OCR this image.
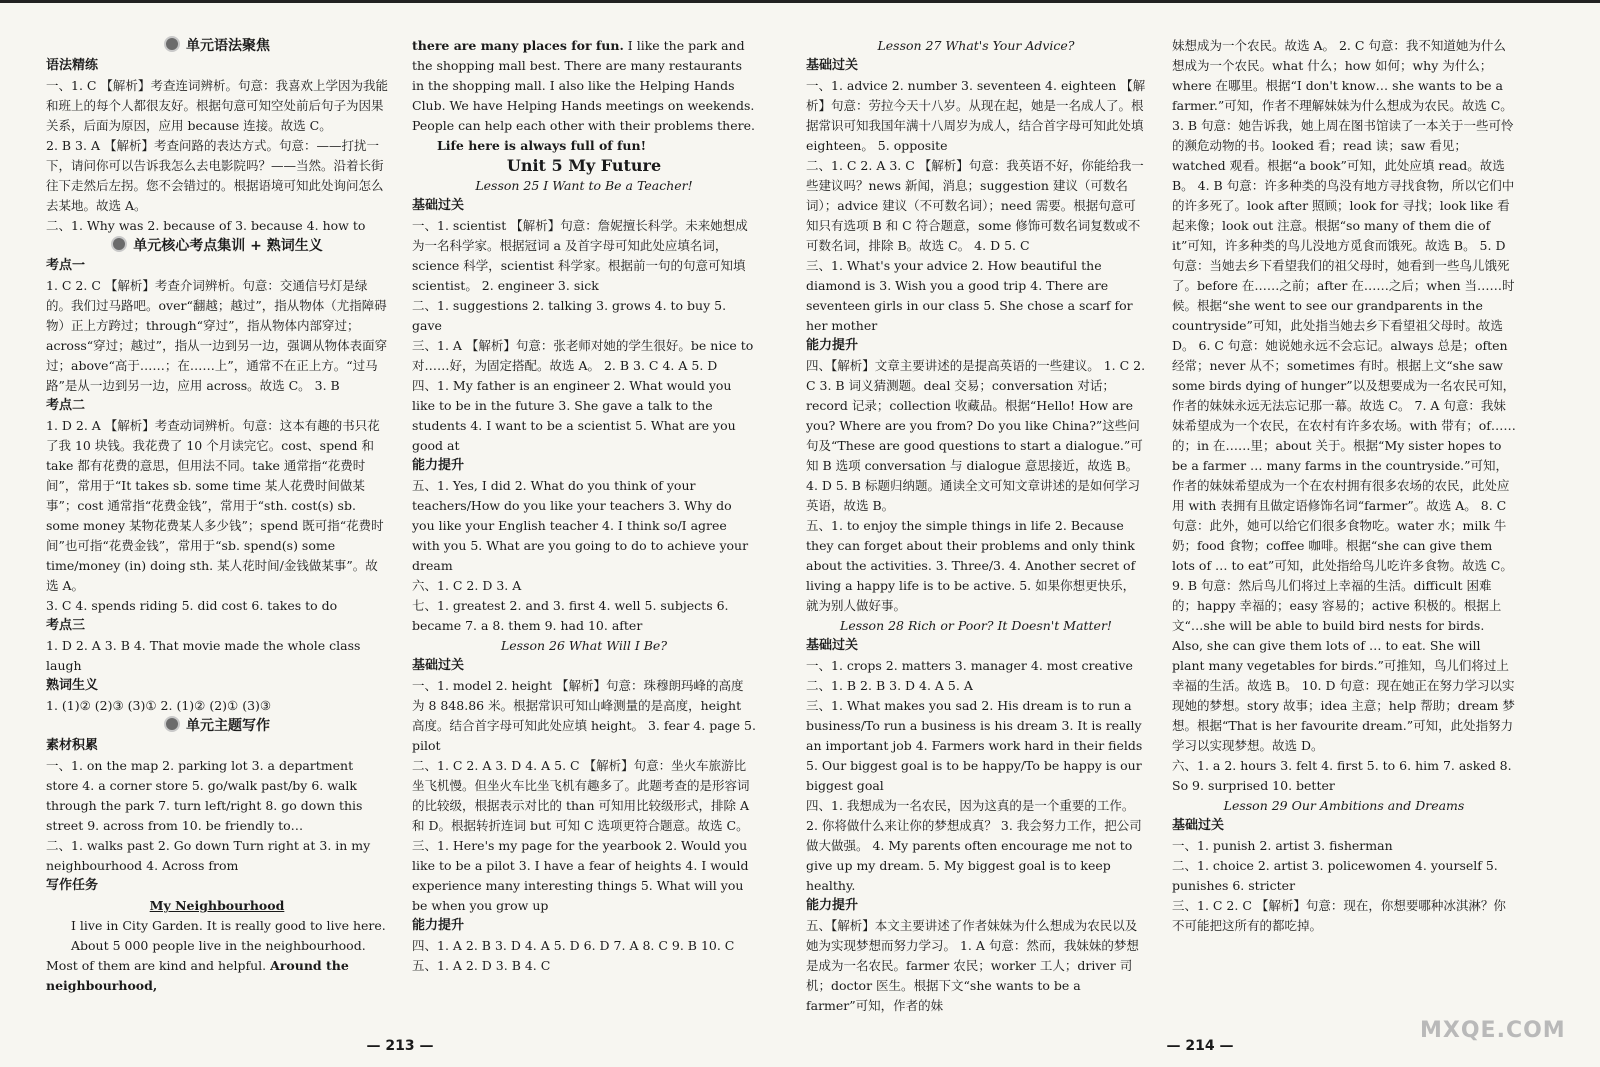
单元语法聚焦

语法精练

一、1. C 【解析】考查连词辨析。句意：我喜欢上学因为我能和班上的每个人都很友好。根据句意可知空处前后句子为因果关系，后面为原因，应用 because 连接。故选 C。

2. B 3. A 【解析】考查问路的表达方式。句意：——打扰一下，请问你可以告诉我怎么去电影院吗？——当然。沿着长街往下走然后左拐。您不会错过的。根据语境可知此处询问怎么去某地。故选 A。

二、1. Why was 2. because of 3. because 4. how to

单元核心考点集训 + 熟词生义

考点一

1. C 2. C 【解析】考查介词辨析。句意：交通信号灯是绿的。我们过马路吧。over“翻越；越过”，指从物体（尤指障碍物）正上方跨过；through“穿过”，指从物体内部穿过；across“穿过；越过”，指从一边到另一边，强调从物体表面穿过；above“高于……；在……上”，通常不在正上方。“过马路”是从一边到另一边，应用 across。故选 C。 3. B

考点二

1. D 2. A 【解析】考查动词辨析。句意：这本有趣的书只花了我 10 块钱。我花费了 10 个月读完它。cost、spend 和 take 都有花费的意思，但用法不同。take 通常指“花费时间”，常用于“It takes sb. some time 某人花费时间做某事”；cost 通常指“花费金钱”，常用于“sth. cost(s) sb. some money 某物花费某人多少钱”；spend 既可指“花费时间”也可指“花费金钱”，常用于“sb. spend(s) some time/money (in) doing sth. 某人花时间/金钱做某事”。故选 A。

3. C 4. spends riding 5. did cost 6. takes to do

考点三

1. D 2. A 3. B 4. That movie made the whole class laugh

熟词生义

1. (1)② (2)③ (3)① 2. (1)② (2)① (3)③

单元主题写作

素材积累

一、1. on the map 2. parking lot 3. a department store 4. a corner store 5. go/walk past/by 6. walk through the park 7. turn left/right 8. go down this street 9. across from 10. be friendly to…

二、1. walks past 2. Go down Turn right at 3. in my neighbourhood 4. Across from

写作任务

My Neighbourhood

I live in City Garden. It is really good to live here.

About 5 000 people live in the neighbourhood. Most of them are kind and helpful. Around the neighbourhood,

there are many places for fun. I like the park and the shopping mall best. There are many restaurants in the shopping mall. I also like the Helping Hands Club. We have Helping Hands meetings on weekends. People can help each other with their problems there.

Life here is always full of fun!

Unit 5 My Future

Lesson 25 I Want to Be a Teacher!

基础过关

一、1. scientist 【解析】句意：詹妮擅长科学。未来她想成为一名科学家。根据冠词 a 及首字母可知此处应填名词，science 科学，scientist 科学家。根据前一句的句意可知填 scientist。 2. engineer 3. sick

二、1. suggestions 2. talking 3. grows 4. to buy 5. gave

三、1. A 【解析】句意：张老师对她的学生很好。be nice to 对……好，为固定搭配。故选 A。 2. B 3. C 4. A 5. D

四、1. My father is an engineer 2. What would you like to be in the future 3. She gave a talk to the students 4. I want to be a scientist 5. What are you good at

能力提升

五、1. Yes, I did 2. What do you think of your teachers/How do you like your teachers 3. Why do you like your English teacher 4. I think so/I agree with you 5. What are you going to do to achieve your dream

六、1. C 2. D 3. A

七、1. greatest 2. and 3. first 4. well 5. subjects 6. became 7. a 8. them 9. had 10. after

Lesson 26 What Will I Be?

基础过关

一、1. model 2. height 【解析】句意：珠穆朗玛峰的高度为 8 848.86 米。根据常识可知山峰测量的是高度，height 高度。结合首字母可知此处应填 height。 3. fear 4. page 5. pilot

二、1. C 2. A 3. D 4. A 5. C 【解析】句意：坐火车旅游比坐飞机慢。但坐火车比坐飞机有趣多了。此题考查的是形容词的比较级，根据表示对比的 than 可知用比较级形式，排除 A 和 D。根据转折连词 but 可知 C 选项更符合题意。故选 C。

三、1. Here's my page for the yearbook 2. Would you like to be a pilot 3. I have a fear of heights 4. I would experience many interesting things 5. What will you be when you grow up

能力提升

四、1. A 2. B 3. D 4. A 5. D 6. D 7. A 8. C 9. B 10. C

五、1. A 2. D 3. B 4. C

— 213 —

Lesson 27 What's Your Advice?

基础过关

一、1. advice 2. number 3. seventeen 4. eighteen 【解析】句意：劳拉今天十八岁。从现在起，她是一名成人了。根据常识可知我国年满十八周岁为成人，结合首字母可知此处填 eighteen。 5. opposite

二、1. C 2. A 3. C 【解析】句意：我英语不好，你能给我一些建议吗？news 新闻，消息；suggestion 建议（可数名词）；advice 建议（不可数名词）；need 需要。根据句意可知只有选项 B 和 C 符合题意，some 修饰可数名词复数或不可数名词，排除 B。故选 C。 4. D 5. C

三、1. What's your advice 2. How beautiful the diamond is 3. Wish you a good trip 4. There are seventeen girls in our class 5. She chose a scarf for her mother

能力提升

四、【解析】文章主要讲述的是提高英语的一些建议。 1. C 2. C 3. B 词义猜测题。deal 交易；conversation 对话；record 记录；collection 收藏品。根据“Hello! How are you? Where are you from? Do you like China?”这些问句及“These are good questions to start a dialogue.”可知 B 选项 conversation 与 dialogue 意思接近，故选 B。 4. D 5. B 标题归纳题。通读全文可知文章讲述的是如何学习英语，故选 B。

五、1. to enjoy the simple things in life 2. Because they can forget about their problems and only think about the activities. 3. Three/3. 4. Another secret of living a happy life is to be active. 5. 如果你想更快乐，就为别人做好事。

Lesson 28 Rich or Poor? It Doesn't Matter!

基础过关

一、1. crops 2. matters 3. manager 4. most creative

二、1. B 2. B 3. D 4. A 5. A

三、1. What makes you sad 2. His dream is to run a business/To run a business is his dream 3. It is really an important job 4. Farmers work hard in their fields 5. Our biggest goal is to be happy/To be happy is our biggest goal

四、1. 我想成为一名农民，因为这真的是一个重要的工作。 2. 你将做什么来让你的梦想成真？ 3. 我会努力工作，把公司做大做强。 4. My parents often encourage me not to give up my dream. 5. My biggest goal is to keep healthy.

能力提升

五、【解析】本文主要讲述了作者妹妹为什么想成为农民以及她为实现梦想而努力学习。 1. A 句意：然而，我妹妹的梦想是成为一名农民。farmer 农民；worker 工人；driver 司机；doctor 医生。根据下文“she wants to be a farmer”可知，作者的妹

妹想成为一个农民。故选 A。 2. C 句意：我不知道她为什么想成为一个农民。what 什么；how 如何；why 为什么；where 在哪里。根据“I don't know… she wants to be a farmer.”可知，作者不理解妹妹为什么想成为农民。故选 C。 3. B 句意：她告诉我，她上周在图书馆读了一本关于一些可怜的濒危动物的书。looked 看；read 读；saw 看见；watched 观看。根据“a book”可知，此处应填 read。故选 B。 4. B 句意：许多种类的鸟没有地方寻找食物，所以它们中的许多死了。look after 照顾；look for 寻找；look like 看起来像；look out 注意。根据“so many of them die of it”可知，许多种类的鸟儿没地方觅食而饿死。故选 B。 5. D 句意：当她去乡下看望我们的祖父母时，她看到一些鸟儿饿死了。before 在……之前；after 在……之后；when 当……时候。根据“she went to see our grandparents in the countryside”可知，此处指当她去乡下看望祖父母时。故选 D。 6. C 句意：她说她永远不会忘记。always 总是；often 经常；never 从不；sometimes 有时。根据上文“she saw some birds dying of hunger”以及想要成为一名农民可知，作者的妹妹永远无法忘记那一幕。故选 C。 7. A 句意：我妹妹希望成为一个农民，在农村有许多农场。with 带有；of……的；in 在……里；about 关于。根据“My sister hopes to be a farmer … many farms in the countryside.”可知，作者的妹妹希望成为一个在农村拥有很多农场的农民，此处应用 with 表拥有且做定语修饰名词“farmer”。故选 A。 8. C 句意：此外，她可以给它们很多食物吃。water 水；milk 牛奶；food 食物；coffee 咖啡。根据“she can give them lots of … to eat”可知，此处指给鸟儿吃许多食物。故选 C。 9. B 句意：然后鸟儿们将过上幸福的生活。difficult 困难的；happy 幸福的；easy 容易的；active 积极的。根据上文“…she will be able to build bird nests for birds. Also, she can give them lots of … to eat. She will plant many vegetables for birds.”可推知，鸟儿们将过上幸福的生活。故选 B。 10. D 句意：现在她正在努力学习以实现她的梦想。story 故事；idea 主意；help 帮助；dream 梦想。根据“That is her favourite dream.”可知，此处指努力学习以实现梦想。故选 D。

六、1. a 2. hours 3. felt 4. first 5. to 6. him 7. asked 8. So 9. surprised 10. better

Lesson 29 Our Ambitions and Dreams

基础过关

一、1. punish 2. artist 3. fisherman

二、1. choice 2. artist 3. policewomen 4. yourself 5. punishes 6. stricter

三、1. C 2. C 【解析】句意：现在，你想要哪种冰淇淋？你不可能把这所有的都吃掉。

— 214 —
MXQE.COM
